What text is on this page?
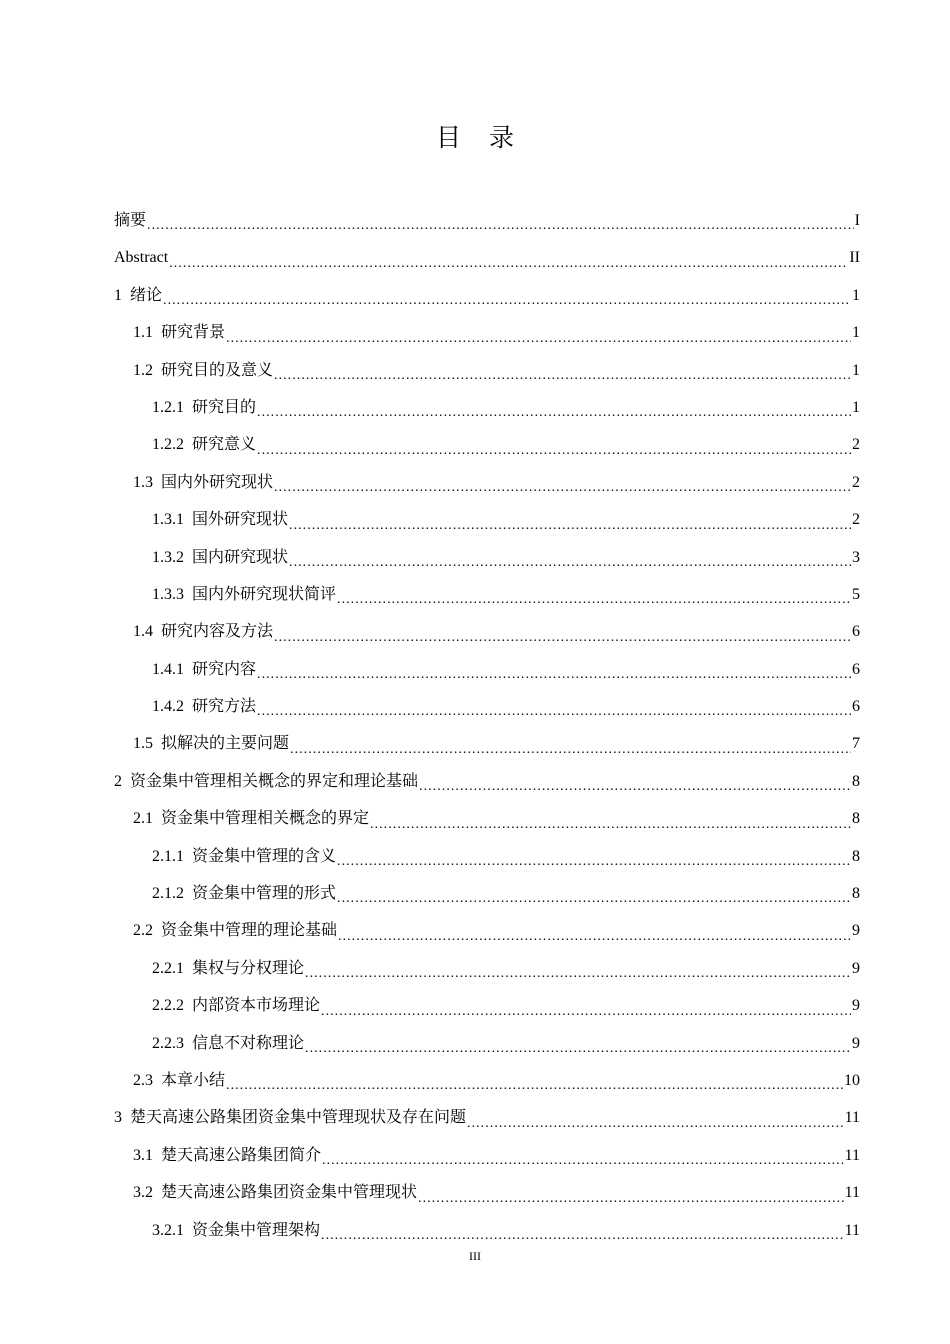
目 录
摘要 .....	I
Abstract .....	II
1 绪论 .....	1
1.1 研究背景 .....	1
1.2 研究目的及意义 .....	1
1.2.1 研究目的 .....	1
1.2.2 研究意义 .....	2
1.3 国内外研究现状 .....	2
1.3.1 国外研究现状 .....	2
1.3.2 国内研究现状 .....	3
1.3.3 国内外研究现状简评 .....	5
1.4 研究内容及方法 .....	6
1.4.1 研究内容 .....	6
1.4.2 研究方法 .....	6
1.5 拟解决的主要问题 .....	7
2 资金集中管理相关概念的界定和理论基础 .....	8
2.1 资金集中管理相关概念的界定 .....	8
2.1.1 资金集中管理的含义 .....	8
2.1.2 资金集中管理的形式 .....	8
2.2 资金集中管理的理论基础 .....	9
2.2.1 集权与分权理论 .....	9
2.2.2 内部资本市场理论 .....	9
2.2.3 信息不对称理论 .....	9
2.3 本章小结 .....	10
3 楚天高速公路集团资金集中管理现状及存在问题 .....	11
3.1 楚天高速公路集团简介 .....	11
3.2 楚天高速公路集团资金集中管理现状 .....	11
3.2.1 资金集中管理架构 .....	11
III
